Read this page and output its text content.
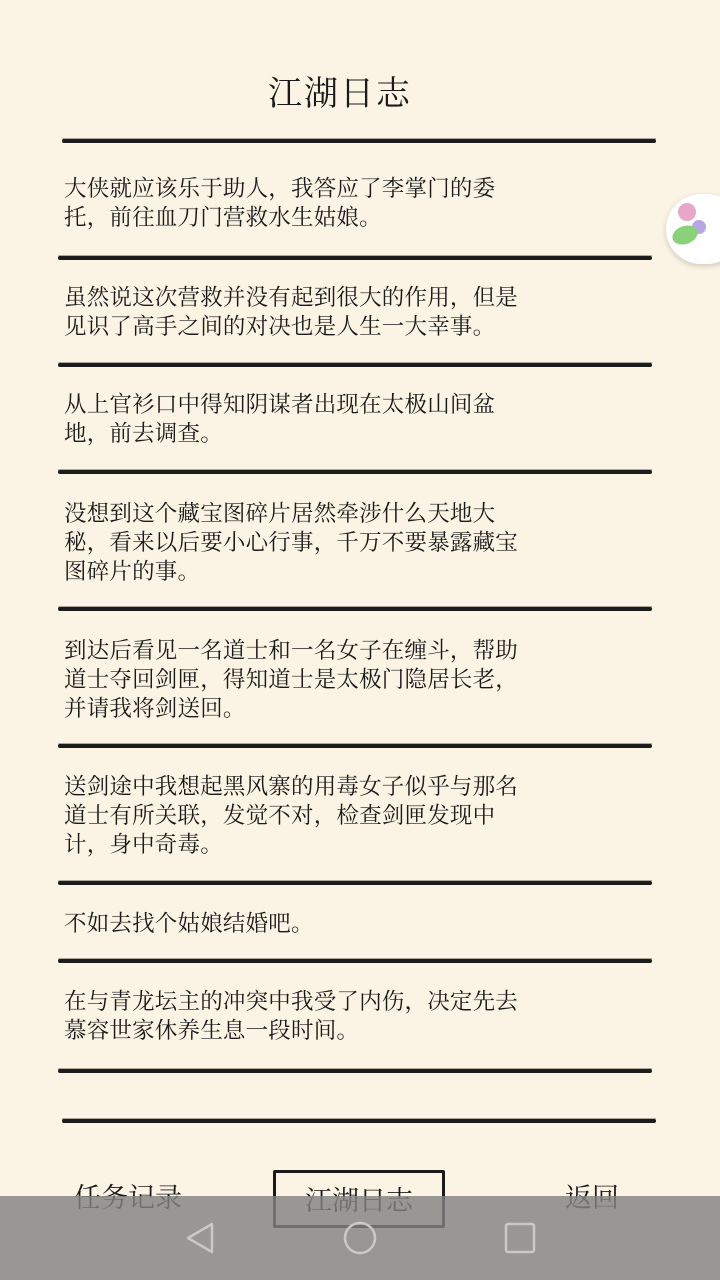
江湖日志
大侠就应该乐于助人，我答应了李掌门的委
托，前往血刀门营救水生姑娘。
虽然说这次营救并没有起到很大的作用，但是
见识了高手之间的对决也是人生一大幸事。
从上官衫口中得知阴谋者出现在太极山间盆
地，前去调查。
没想到这个藏宝图碎片居然牵涉什么天地大
秘，看来以后要小心行事，千万不要暴露藏宝
图碎片的事。
到达后看见一名道士和一名女子在缠斗，帮助
道士夺回剑匣，得知道士是太极门隐居长老，
并请我将剑送回。
送剑途中我想起黑风寨的用毒女子似乎与那名
道士有所关联，发觉不对，检查剑匣发现中
计，身中奇毒。
不如去找个姑娘结婚吧。
在与青龙坛主的冲突中我受了内伤，决定先去
慕容世家休养生息一段时间。
